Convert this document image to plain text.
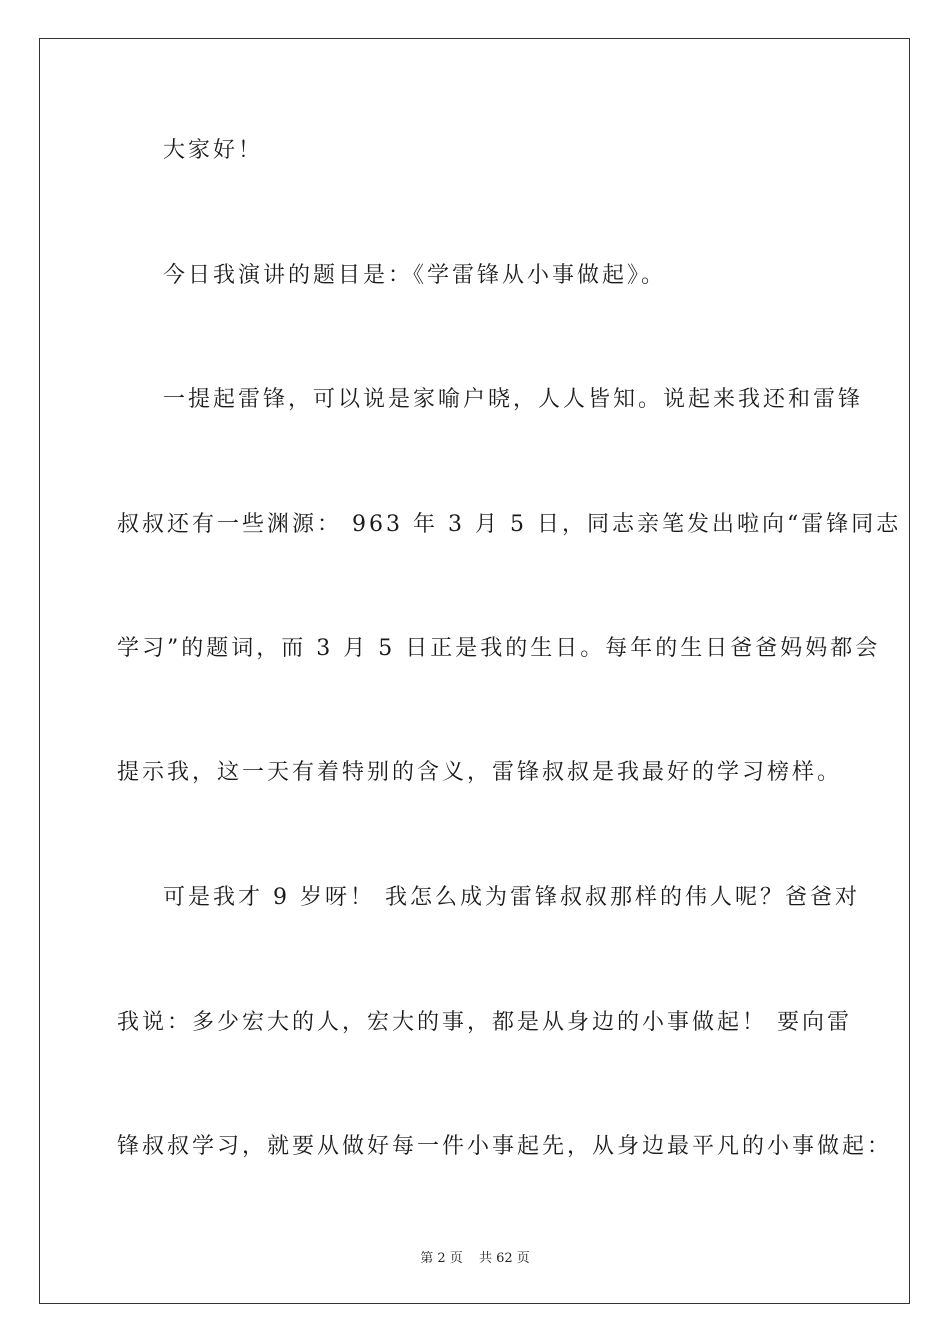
大家好！
今日我演讲的题目是：《学雷锋从小事做起》。
一提起雷锋，可以说是家喻户晓，人人皆知。说起来我还和雷锋
叔叔还有一些渊源： 963 年 3 月 5 日，同志亲笔发出啦向“雷锋同志
学习”的题词，而 3 月 5 日正是我的生日。每年的生日爸爸妈妈都会
提示我，这一天有着特别的含义，雷锋叔叔是我最好的学习榜样。
可是我才 9 岁呀！ 我怎么成为雷锋叔叔那样的伟人呢？爸爸对
我说：多少宏大的人，宏大的事，都是从身边的小事做起！ 要向雷
锋叔叔学习，就要从做好每一件小事起先，从身边最平凡的小事做起：
第 2 页 共 62 页
